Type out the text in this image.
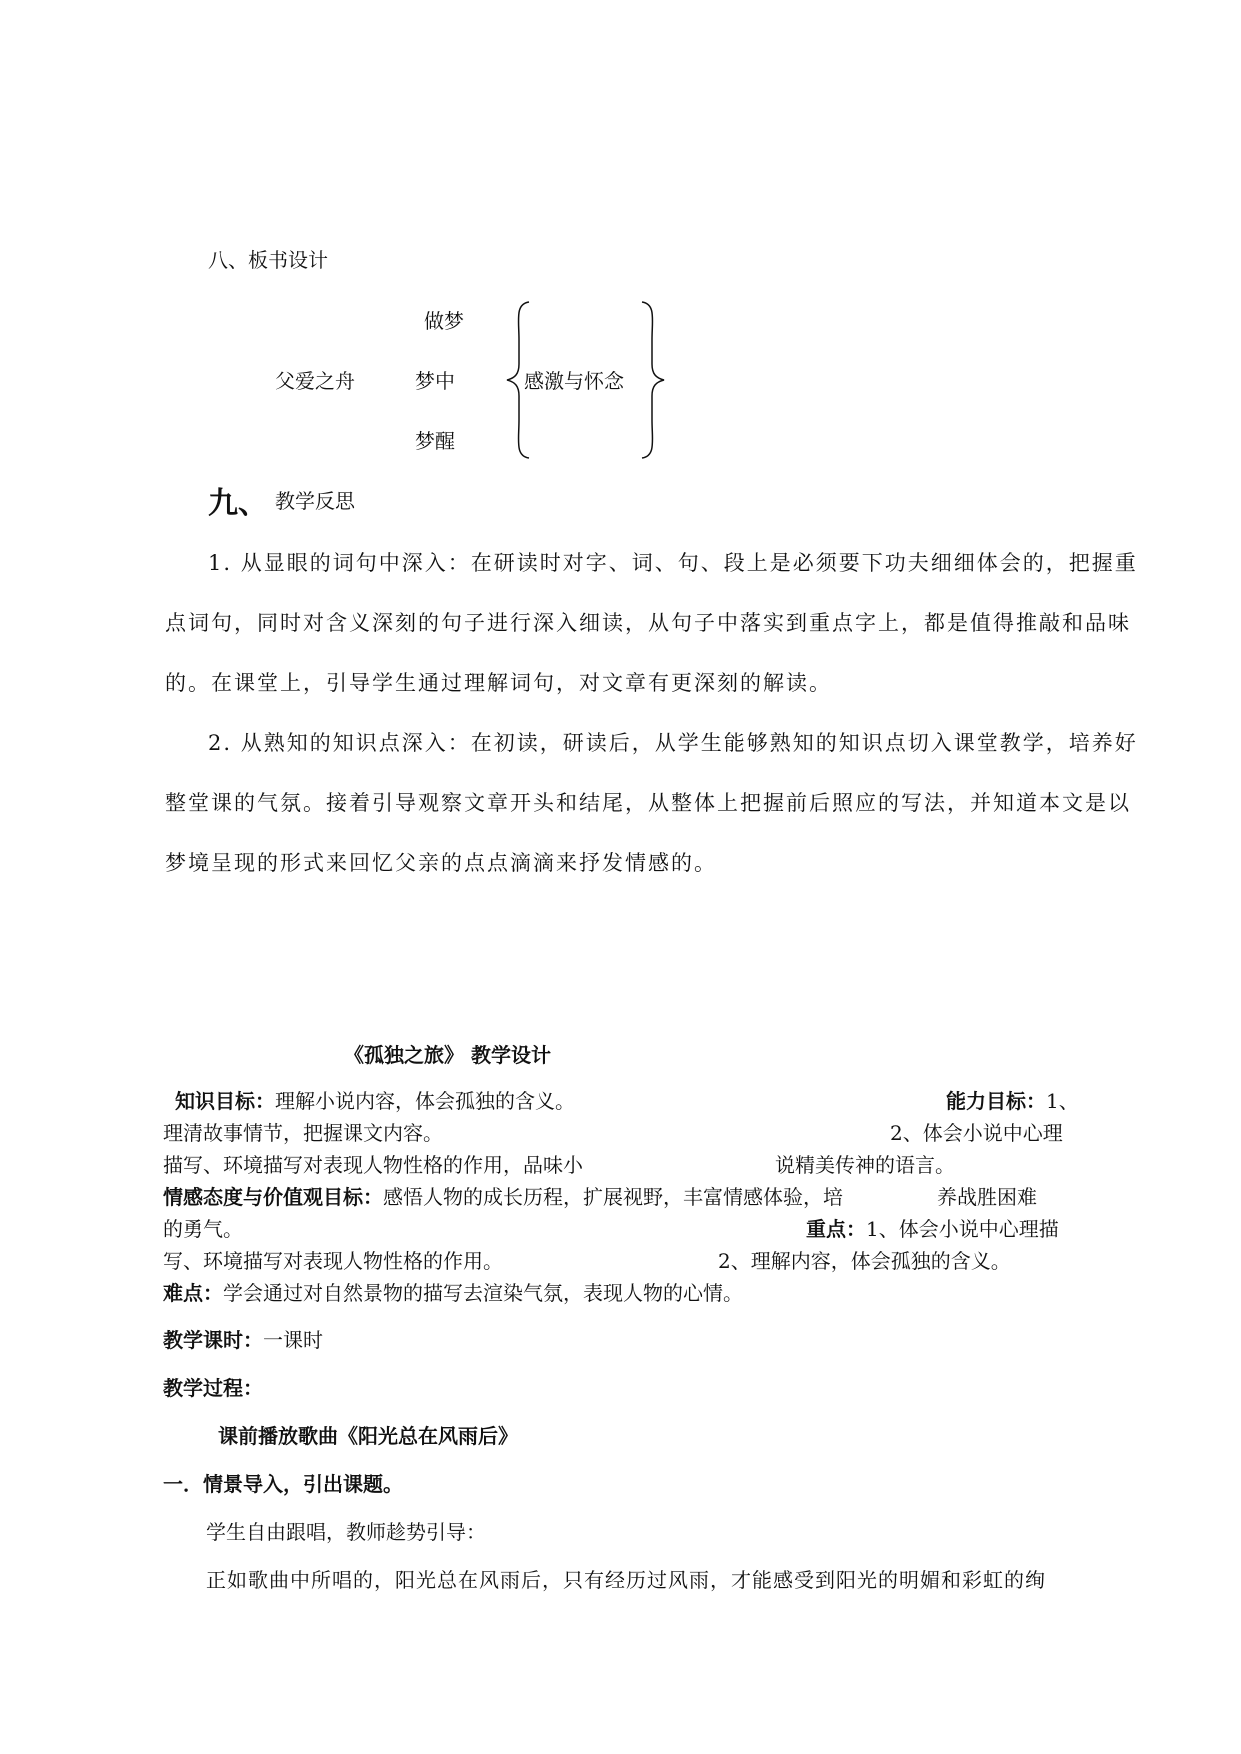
八、板书设计
做梦
父爱之舟	梦中
梦醒
感激与怀念
九、 教学反思
1. 从显眼的词句中深入：在研读时对字、词、句、段上是必须要下功夫细细体会的，把握重
点词句，同时对含义深刻的句子进行深入细读，从句子中落实到重点字上，都是值得推敲和品味
的。在课堂上，引导学生通过理解词句，对文章有更深刻的解读。
2. 从熟知的知识点深入：在初读，研读后，从学生能够熟知的知识点切入课堂教学，培养好
整堂课的气氛。接着引导观察文章开头和结尾，从整体上把握前后照应的写法，并知道本文是以
梦境呈现的形式来回忆父亲的点点滴滴来抒发情感的。
《孤独之旅》 教学设计
知识目标：理解小说内容，体会孤独的含义。	能力目标：1、
理清故事情节，把握课文内容。	2、体会小说中心理
描写、环境描写对表现人物性格的作用，品味小	说精美传神的语言。
情感态度与价值观目标：感悟人物的成长历程，扩展视野，丰富情感体验，培	养战胜困难
的勇气。	重点：1、体会小说中心理描
写、环境描写对表现人物性格的作用。	2、理解内容，体会孤独的含义。
难点：学会通过对自然景物的描写去渲染气氛，表现人物的心情。
教学课时：一课时
教学过程：
课前播放歌曲《阳光总在风雨后》
一．情景导入，引出课题。
学生自由跟唱，教师趁势引导：
正如歌曲中所唱的，阳光总在风雨后，只有经历过风雨，才能感受到阳光的明媚和彩虹的绚
